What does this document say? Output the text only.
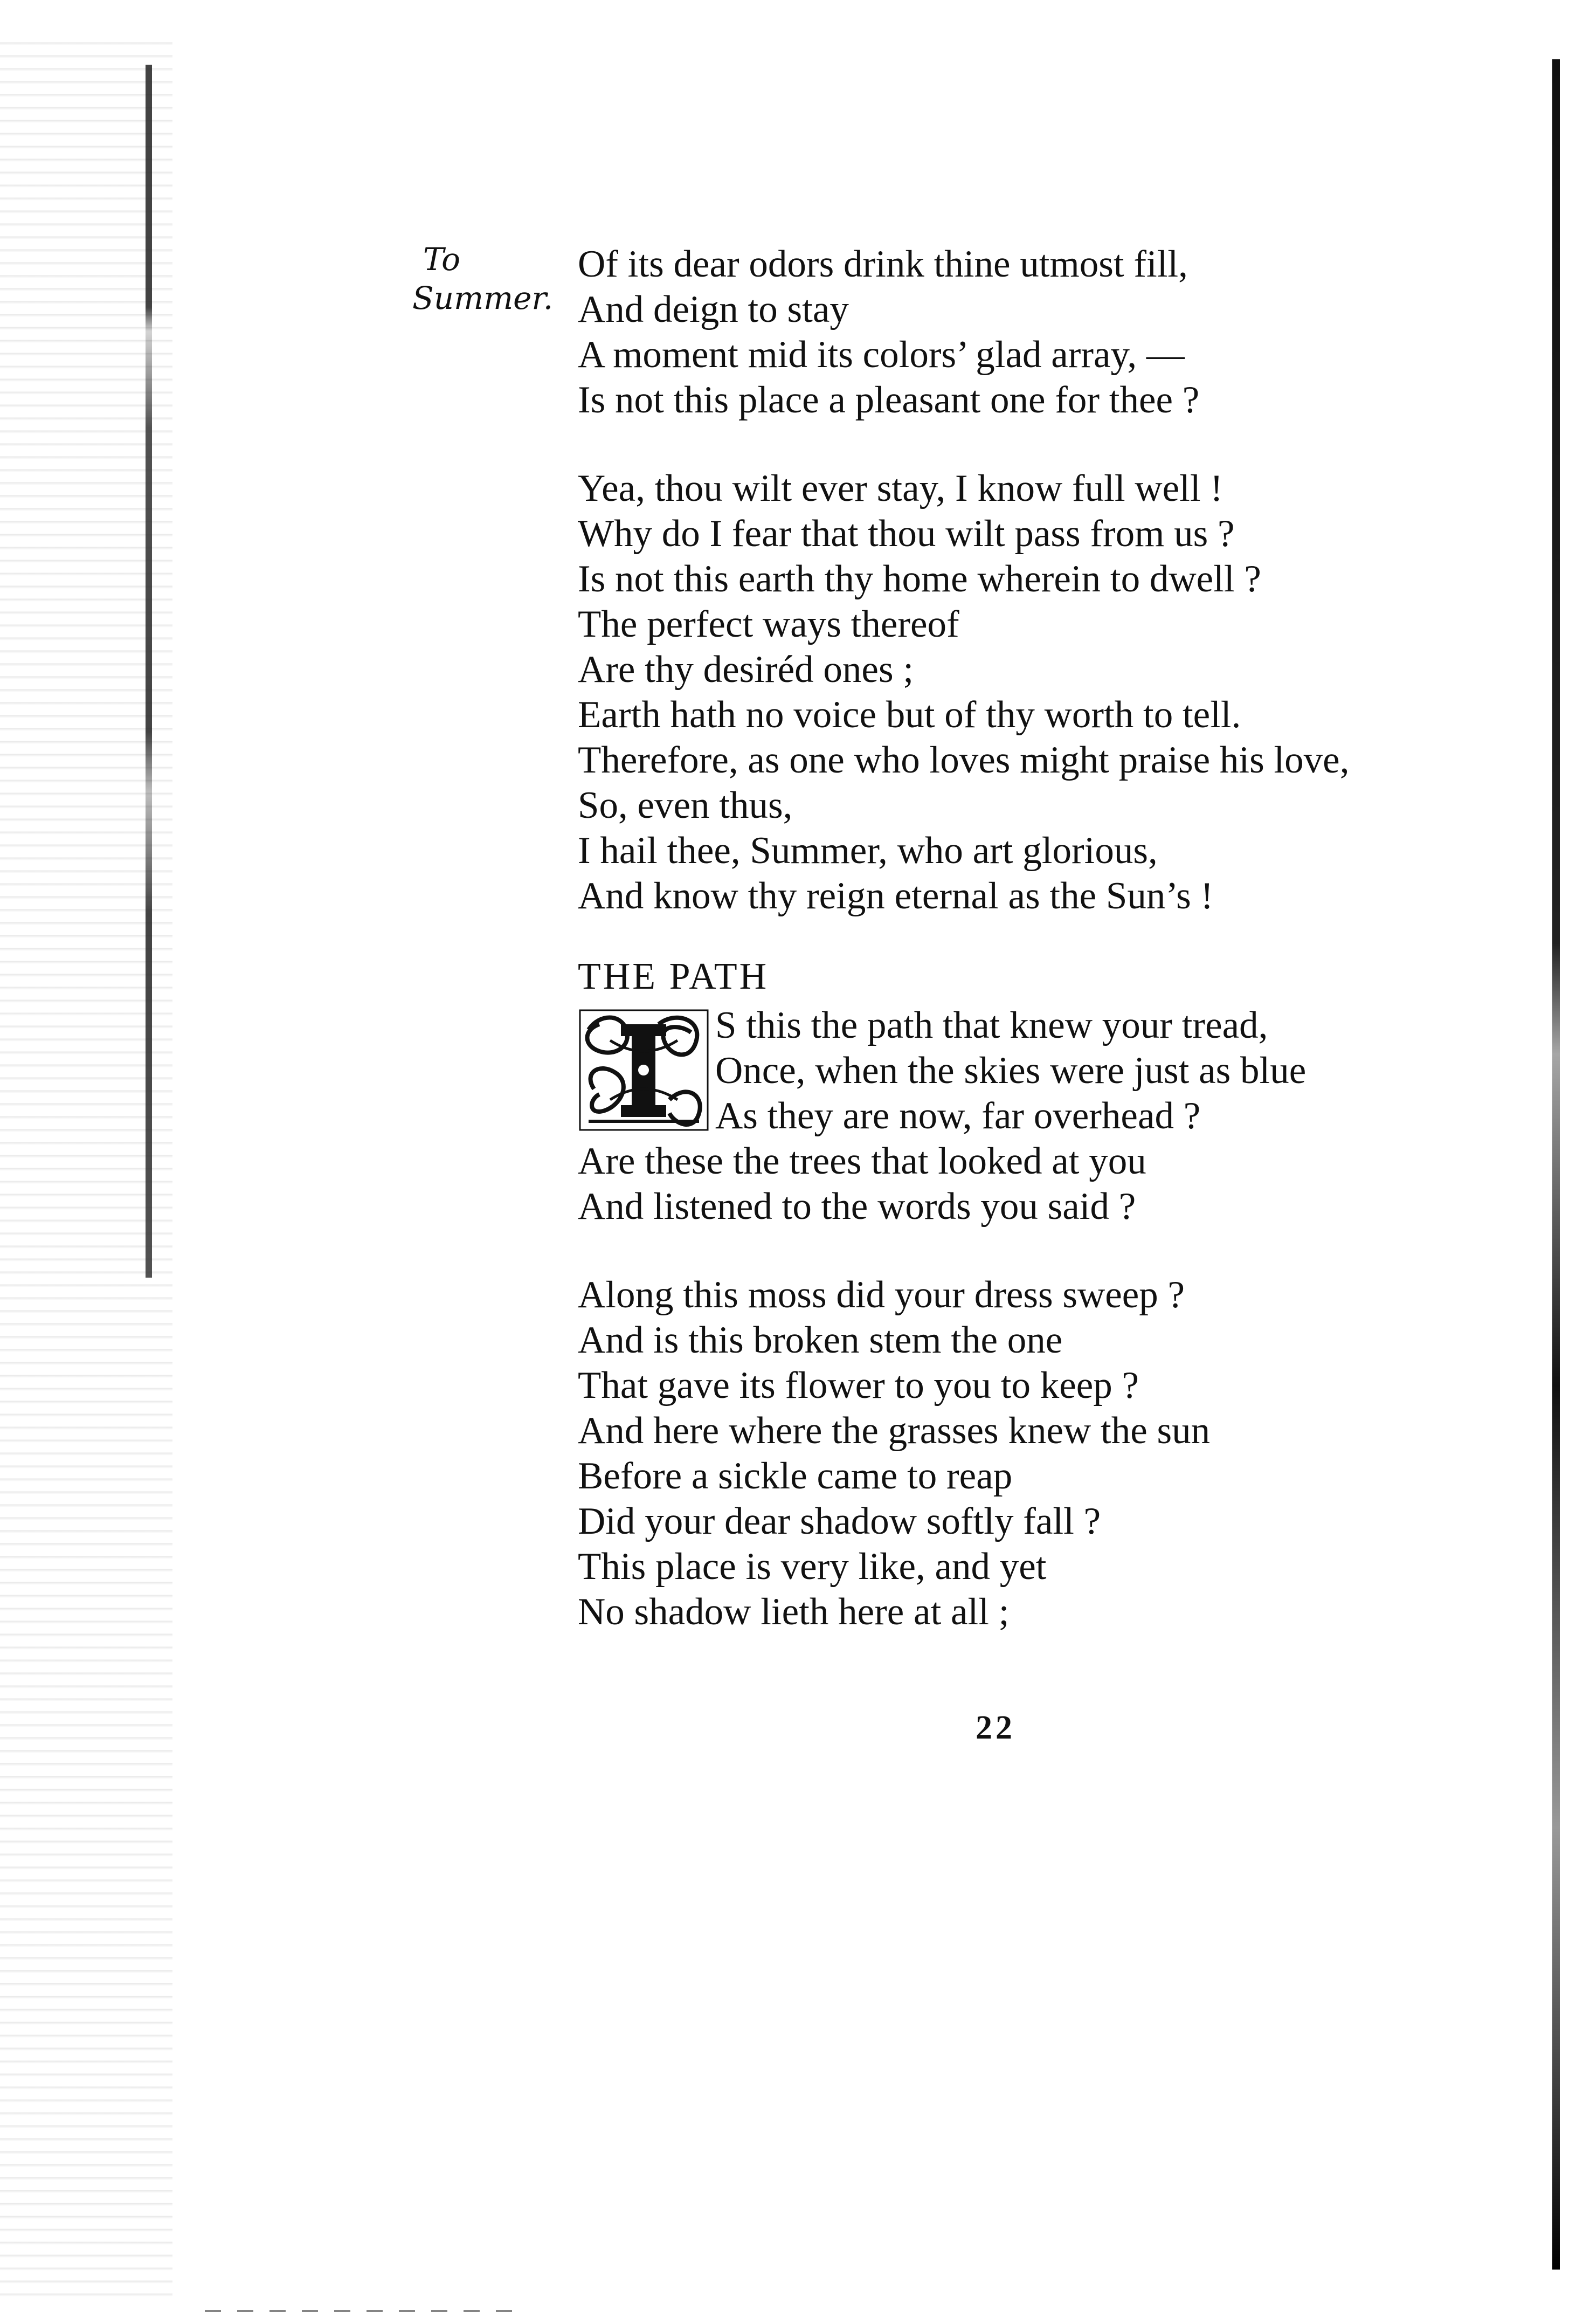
To
Summer.
Of its dear odors drink thine utmost fill,
And deign to stay
A moment mid its colors’ glad array, —
Is not this place a pleasant one for thee ?
Yea, thou wilt ever stay, I know full well !
Why do I fear that thou wilt pass from us ?
Is not this earth thy home wherein to dwell ?
The perfect ways thereof
Are thy desiréd ones ;
Earth hath no voice but of thy worth to tell.
Therefore, as one who loves might praise his love,
So, even thus,
I hail thee, Summer, who art glorious,
And know thy reign eternal as the Sun’s !
THE PATH
S this the path that knew your tread,
Once, when the skies were just as blue
As they are now, far overhead ?
Are these the trees that looked at you
And listened to the words you said ?
Along this moss did your dress sweep ?
And is this broken stem the one
That gave its flower to you to keep ?
And here where the grasses knew the sun
Before a sickle came to reap
Did your dear shadow softly fall ?
This place is very like, and yet
No shadow lieth here at all ;
22
